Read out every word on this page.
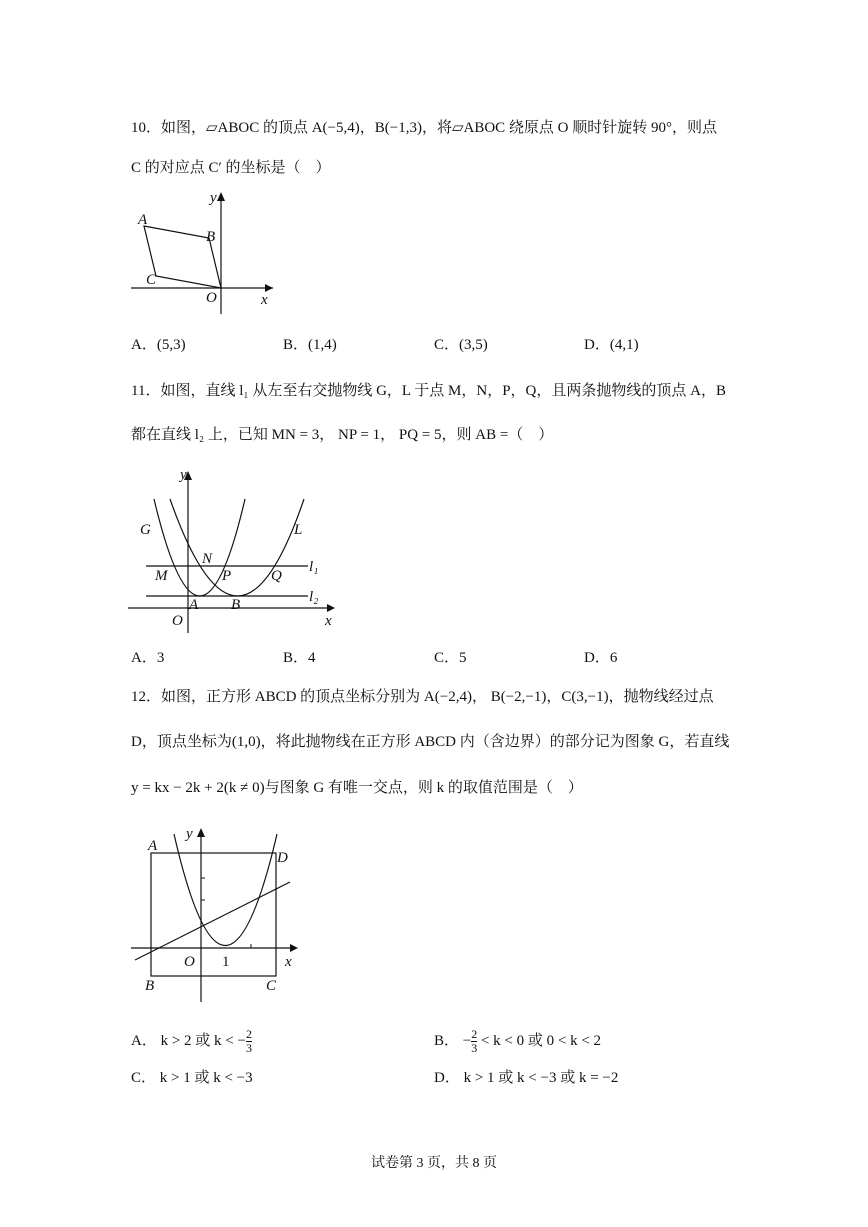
10．如图，▱ABOC 的顶点 A(−5,4)，B(−1,3)，将▱ABOC 绕原点 O 顺时针旋转 90°，则点
C 的对应点 C′ 的坐标是（　）
y
x
A
B
C
O
A．(5,3)	B．(1,4)	C．(3,5)	D．(4,1)
11．如图，直线 l₁ 从左至右交抛物线 G，L 于点 M，N，P，Q，且两条抛物线的顶点 A，B
都在直线 l₂ 上，已知 MN = 3， NP = 1， PQ = 5，则 AB =（　）
y
x
G	L
N
M	P	Q
A B
O
l₁
l₂
A．3	B．4	C．5	D．6
12．如图，正方形 ABCD 的顶点坐标分别为 A(−2,4)， B(−2,−1)，C(3,−1)，抛物线经过点
D，顶点坐标为(1,0)，将此抛物线在正方形 ABCD 内（含边界）的部分记为图象 G，若直线
y = kx − 2k + 2(k ≠ 0)与图象 G 有唯一交点，则 k 的取值范围是（　）
y
x
A
D
B	C
O 1
A． k > 2 或 k < − $\frac{2}{3}$	B． − $\frac{2}{3} < k < 0$ 或 0 < k < 2
C． k > 1 或 k < −3	D． k > 1 或 k < −3 或 k = −2
试卷第 3 页，共 8 页
